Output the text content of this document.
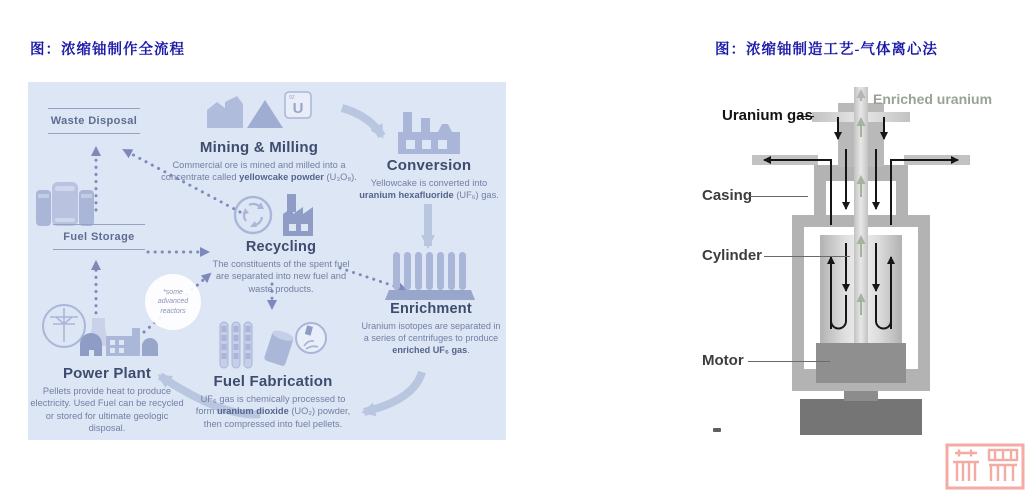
图：浓缩铀制作全流程	图：浓缩铀制造工艺-气体离心法
Waste Disposal
Fuel Storage
U
92
Mining & Milling

Commercial ore is mined and milled into a concentrate called yellowcake powder (U₃O₈).

Conversion

Yellowcake is converted into uranium hexafluoride (UF₆) gas.

Recycling

The constituents of the spent fuel are separated into new fuel and waste products.

Enrichment

Uranium isotopes are separated in a series of centrifuges to produce enriched UF₆ gas.

Fuel Fabrication

UF₆ gas is chemically processed to form uranium dioxide (UO₂) powder, then compressed into fuel pellets.

Power Plant

Pellets provide heat to produce electricity. Used Fuel can be recycled or stored for ultimate geologic disposal.

*some advanced reactors
Enriched uranium
Uranium gas
Casing
Cylinder
Motor
